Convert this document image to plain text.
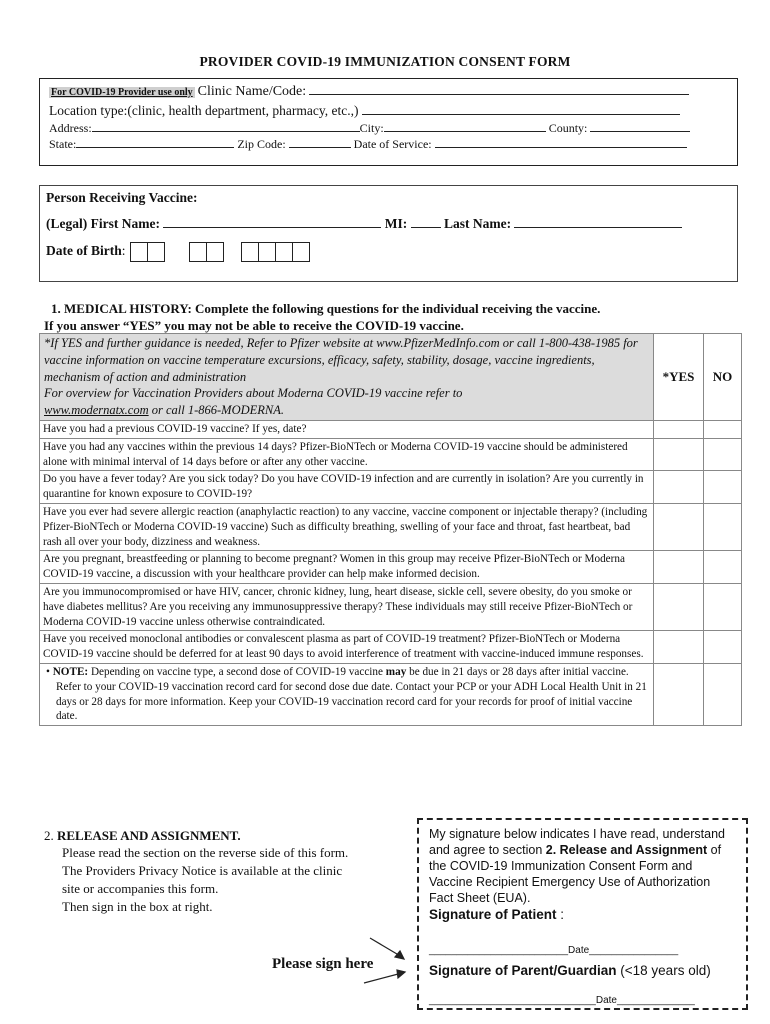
PROVIDER COVID-19 IMMUNIZATION CONSENT FORM
For COVID-19 Provider use only Clinic Name/Code:
Location type:(clinic, health department, pharmacy, etc.,)
Address:	City:	County:
State:	Zip Code:	Date of Service:
Person Receiving Vaccine:
(Legal) First Name:	MI:	Last Name:
Date of Birth:
1. MEDICAL HISTORY: Complete the following questions for the individual receiving the vaccine.
If you answer “YES” you may not be able to receive the COVID-19 vaccine.
*If YES and further guidance is needed, Refer to Pfizer website at www.PfizerMedInfo.com or call 1-800-438-1985 for vaccine information on vaccine temperature excursions, efficacy, safety, stability, dosage, vaccine ingredients, mechanism of action and administration
For overview for Vaccination Providers about Moderna COVID-19 vaccine refer to
www.modernatx.com or call 1-866-MODERNA.	*YES	NO
Have you had a previous COVID-19 vaccine? If yes, date?		
Have you had any vaccines within the previous 14 days? Pfizer-BioNTech or Moderna COVID-19 vaccine should be administered alone with minimal interval of 14 days before or after any other vaccine.		
Do you have a fever today? Are you sick today? Do you have COVID-19 infection and are currently in isolation? Are you currently in quarantine for known exposure to COVID-19?		
Have you ever had severe allergic reaction (anaphylactic reaction) to any vaccine, vaccine component or injectable therapy? (including Pfizer-BioNTech or Moderna COVID-19 vaccine) Such as difficulty breathing, swelling of your face and throat, fast heartbeat, bad rash all over your body, dizziness and weakness.		
Are you pregnant, breastfeeding or planning to become pregnant? Women in this group may receive Pfizer-BioNTech or Moderna COVID-19 vaccine, a discussion with your healthcare provider can help make informed decision.		
Are you immunocompromised or have HIV, cancer, chronic kidney, lung, heart disease, sickle cell, severe obesity, do you smoke or have diabetes mellitus? Are you receiving any immunosuppressive therapy? These individuals may still receive Pfizer-BioNTech or Moderna COVID-19 vaccine unless otherwise contraindicated.		
Have you received monoclonal antibodies or convalescent plasma as part of COVID-19 treatment? Pfizer-BioNTech or Moderna COVID-19 vaccine should be deferred for at least 90 days to avoid interference of treatment with vaccine-induced immune responses.		
• NOTE: Depending on vaccine type, a second dose of COVID-19 vaccine may be due in 21 days or 28 days after initial vaccine. Refer to your COVID-19 vaccination record card for second dose due date. Contact your PCP or your ADH Local Health Unit in 21 days or 28 days for more information. Keep your COVID-19 vaccination record card for your records for proof of initial vaccine date.		
2. RELEASE AND ASSIGNMENT.
Please read the section on the reverse side of this form.
The Providers Privacy Notice is available at the clinic
site or accompanies this form.
Then sign in the box at right.
Please sign here
My signature below indicates I have read, understand and agree to section 2. Release and Assignment of the COVID-19 Immunization Consent Form and Vaccine Recipient Emergency Use of Authorization Fact Sheet (EUA).
Signature of Patient :
_________________________Date________________
Signature of Parent/Guardian (<18 years old)
______________________________Date______________
